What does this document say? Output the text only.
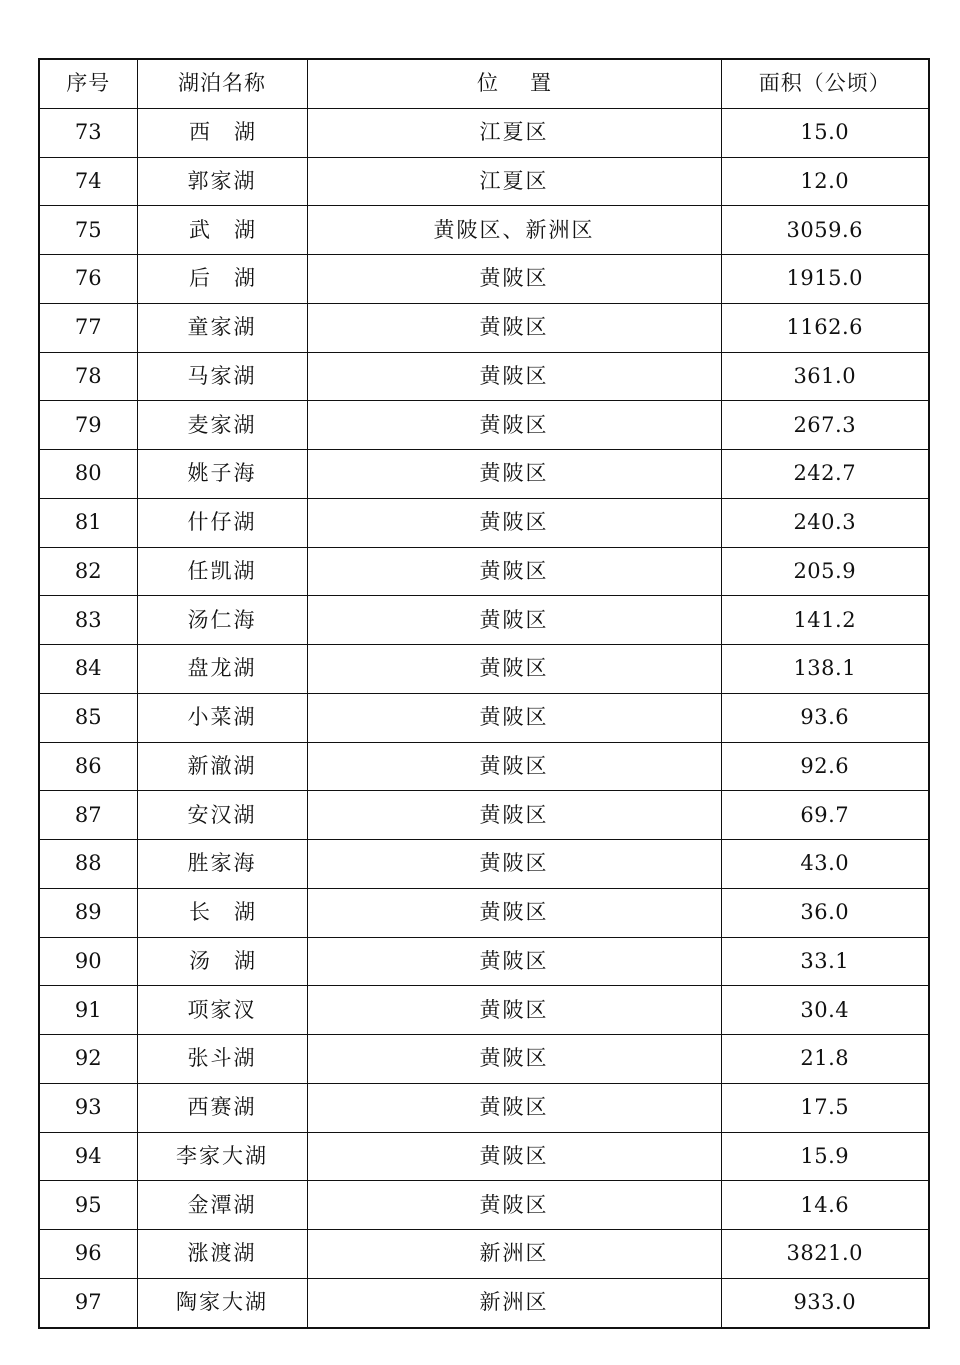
序号	湖泊名称	位置	面积（公顷）
73	西湖	江夏区	15.0
74	郭家湖	江夏区	12.0
75	武湖	黄陂区、新洲区	3059.6
76	后湖	黄陂区	1915.0
77	童家湖	黄陂区	1162.6
78	马家湖	黄陂区	361.0
79	麦家湖	黄陂区	267.3
80	姚子海	黄陂区	242.7
81	什仔湖	黄陂区	240.3
82	任凯湖	黄陂区	205.9
83	汤仁海	黄陂区	141.2
84	盘龙湖	黄陂区	138.1
85	小菜湖	黄陂区	93.6
86	新澈湖	黄陂区	92.6
87	安汉湖	黄陂区	69.7
88	胜家海	黄陂区	43.0
89	长湖	黄陂区	36.0
90	汤湖	黄陂区	33.1
91	项家汊	黄陂区	30.4
92	张斗湖	黄陂区	21.8
93	西赛湖	黄陂区	17.5
94	李家大湖	黄陂区	15.9
95	金潭湖	黄陂区	14.6
96	涨渡湖	新洲区	3821.0
97	陶家大湖	新洲区	933.0
